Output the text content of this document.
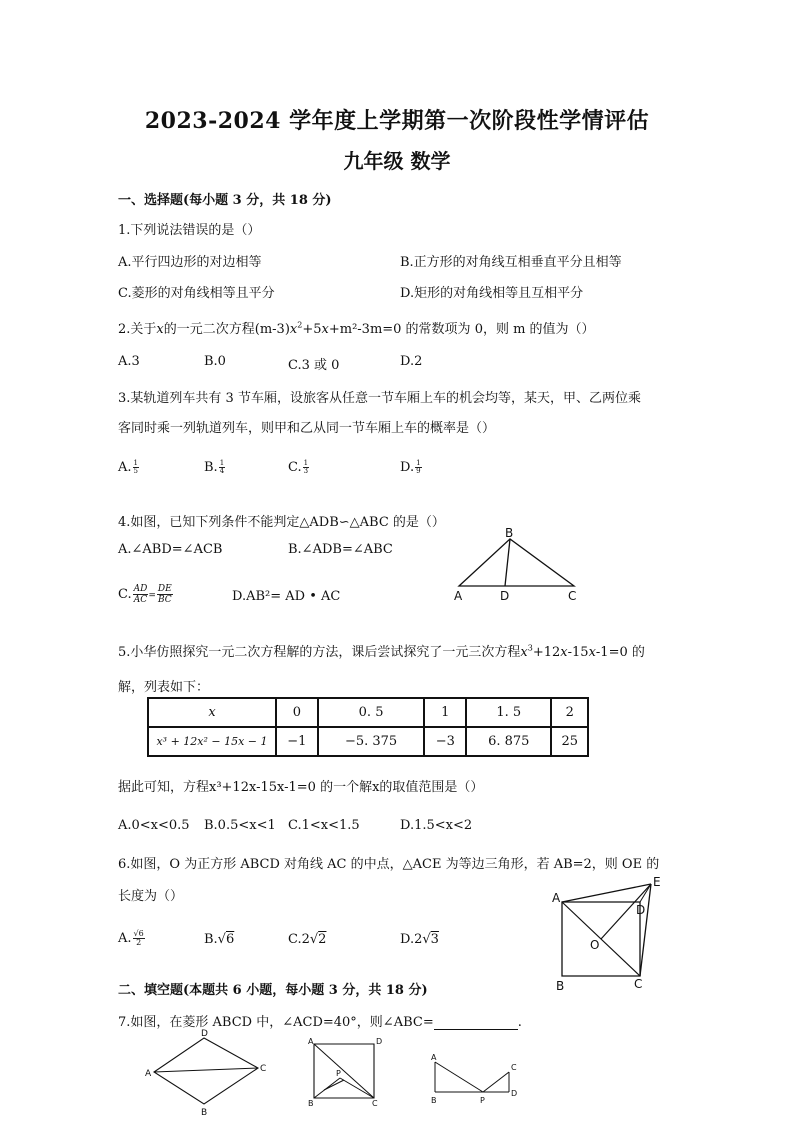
2023-2024 学年度上学期第一次阶段性学情评估
九年级 数学
一、选择题(每小题 3 分，共 18 分)
1.下列说法错误的是（）
A.平行四边形的对边相等	B.正方形的对角线互相垂直平分且相等
C.菱形的对角线相等且平分	D.矩形的对角线相等且互相平分
2.关于x的一元二次方程$(m-3)x^2+5x+m^2-3m=0$ 的常数项为 0，则 m 的值为（）
A.3	B.0	C.3 或 0	D.2
3.某轨道列车共有 3 节车厢，设旅客从任意一节车厢上车的机会均等，某天，甲、乙两位乘
客同时乘一列轨道列车，则甲和乙从同一节车厢上车的概率是（）
A. $\frac{1}{5}$	B. $\frac{1}{4}$	C. $\frac{1}{3}$	D. $\frac{1}{9}$
4.如图，已知下列条件不能判定△ADB∽△ABC 的是（）
A.∠ABD=∠ACB	B.∠ADB=∠ABC
C. $\frac{AD}{AC} = \frac{DE}{BC}$	D.AB²= AD • AC
B
A	D	C
5.小华仿照探究一元二次方程解的方法，课后尝试探究了一元三次方程$x^3+12x-15x-1=0$ 的
解，列表如下：
x	0	0. 5	1	1. 5	2
x³ + 12x² − 15x − 1	−1	−5. 375	−3	6. 875	25
据此可知，方程x³+12x-15x-1=0 的一个解x的取值范围是（）
A.0<x<0.5 B.0.5<x<1 C.1<x<1.5	D.1.5<x<2
6.如图，O 为正方形 ABCD 对角线 AC 的中点，△ACE 为等边三角形，若 AB=2，则 OE 的
长度为（）
A. $\frac{√6}{2}$	B.√6	C.2√2	D.2√3
A
E
D
O
B	C
二、填空题(本题共 6 小题，每小题 3 分，共 18 分)
7.如图，在菱形 ABCD 中，∠ACD=40°，则∠ABC=	.
D
A	C
B
A	D
P
B	C
A
C
B	P
D
